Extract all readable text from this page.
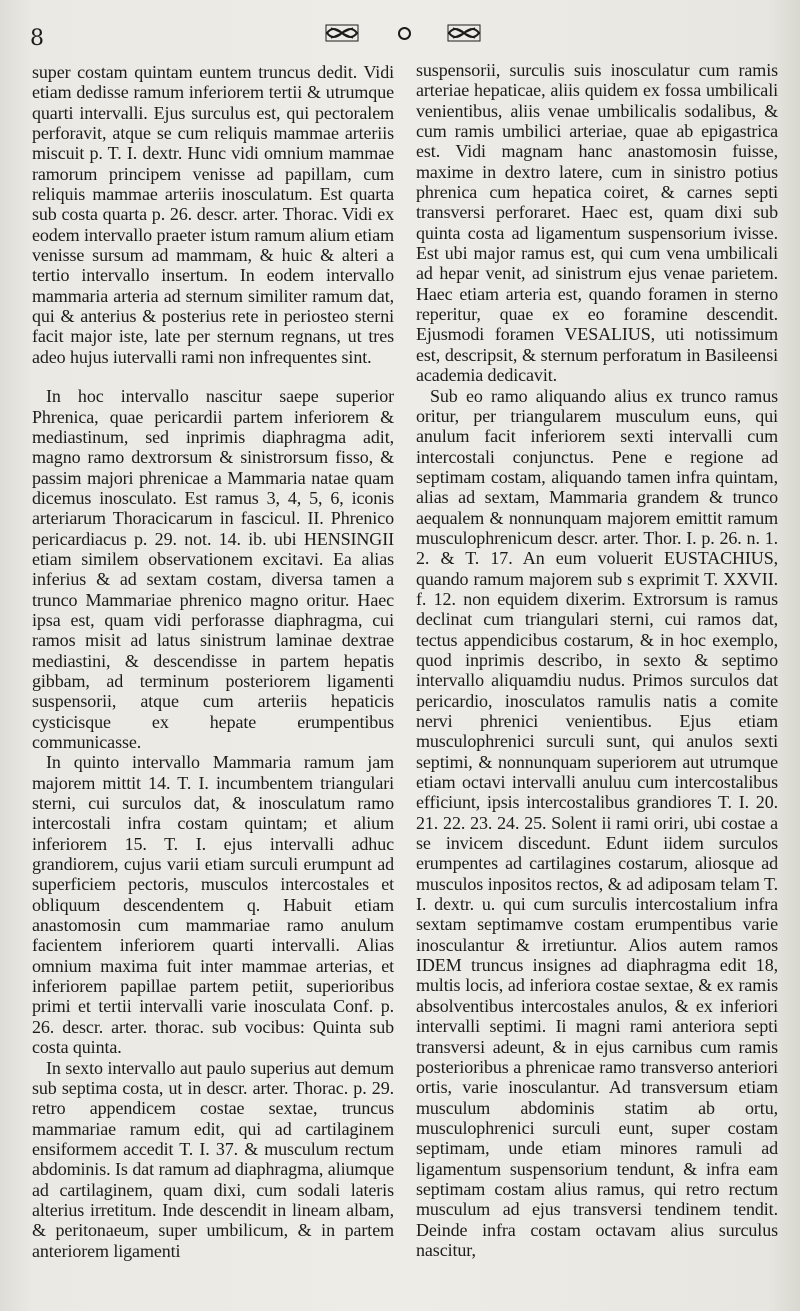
8

super costam quintam euntem truncus dedit. Vidi etiam dedisse ramum inferiorem tertii & utrumque quarti intervalli. Ejus surculus est, qui pectoralem perforavit, atque se cum reliquis mammae arteriis miscuit p. T. I. dextr. Hunc vidi omnium mammae ramorum principem venisse ad papillam, cum reliquis mammae arteriis inosculatum. Est quarta sub costa quarta p. 26. descr. arter. Thorac. Vidi ex eodem intervallo praeter istum ramum alium etiam venisse sursum ad mammam, & huic & alteri a tertio intervallo insertum. In eodem intervallo mammaria arteria ad sternum similiter ramum dat, qui & anterius & posterius rete in periosteo sterni facit major iste, late per sternum regnans, ut tres adeo hujus iutervalli rami non infrequentes sint.

In hoc intervallo nascitur saepe superior Phrenica, quae pericardii partem inferiorem & mediastinum, sed inprimis diaphragma adit, magno ramo dextrorsum & sinistrorsum fisso, & passim majori phrenicae a Mammaria natae quam dicemus inosculato. Est ramus 3, 4, 5, 6, iconis arteriarum Thoracicarum in fascicul. II. Phrenico pericardiacus p. 29. not. 14. ib. ubi HENSINGII etiam similem observationem excitavi. Ea alias inferius & ad sextam costam, diversa tamen a trunco Mammariae phrenico magno oritur. Haec ipsa est, quam vidi perforasse diaphragma, cui ramos misit ad latus sinistrum laminae dextrae mediastini, & descendisse in partem hepatis gibbam, ad terminum posteriorem ligamenti suspensorii, atque cum arteriis hepaticis cysticisque ex hepate erumpentibus communicasse.

In quinto intervallo Mammaria ramum jam majorem mittit 14. T. I. incumbentem triangulari sterni, cui surculos dat, & inosculatum ramo intercostali infra costam quintam; et alium inferiorem 15. T. I. ejus intervalli adhuc grandiorem, cujus varii etiam surculi erumpunt ad superficiem pectoris, musculos intercostales et obliquum descendentem q. Habuit etiam anastomosin cum mammariae ramo anulum facientem inferiorem quarti intervalli. Alias omnium maxima fuit inter mammae arterias, et inferiorem papillae partem petiit, superioribus primi et tertii intervalli varie inosculata Conf. p. 26. descr. arter. thorac. sub vocibus: Quinta sub costa quinta.

In sexto intervallo aut paulo superius aut demum sub septima costa, ut in descr. arter. Thorac. p. 29. retro appendicem costae sextae, truncus mammariae ramum edit, qui ad cartilaginem ensiformem accedit T. I. 37. & musculum rectum abdominis. Is dat ramum ad diaphragma, aliumque ad cartilaginem, quam dixi, cum sodali lateris alterius irretitum. Inde descendit in lineam albam, & peritonaeum, super umbilicum, & in partem anteriorem ligamenti

suspensorii, surculis suis inosculatur cum ramis arteriae hepaticae, aliis quidem ex fossa umbilicali venientibus, aliis venae umbilicalis sodalibus, & cum ramis umbilici arteriae, quae ab epigastrica est. Vidi magnam hanc anastomosin fuisse, maxime in dextro latere, cum in sinistro potius phrenica cum hepatica coiret, & carnes septi transversi perforaret. Haec est, quam dixi sub quinta costa ad ligamentum suspensorium ivisse. Est ubi major ramus est, qui cum vena umbilicali ad hepar venit, ad sinistrum ejus venae parietem. Haec etiam arteria est, quando foramen in sterno reperitur, quae ex eo foramine descendit. Ejusmodi foramen VESALIUS, uti notissimum est, descripsit, & sternum perforatum in Basileensi academia dedicavit.

Sub eo ramo aliquando alius ex trunco ramus oritur, per triangularem musculum euns, qui anulum facit inferiorem sexti intervalli cum intercostali conjunctus. Pene e regione ad septimam costam, aliquando tamen infra quintam, alias ad sextam, Mammaria grandem & trunco aequalem & nonnunquam majorem emittit ramum musculophrenicum descr. arter. Thor. I. p. 26. n. 1. 2. & T. 17. An eum voluerit EUSTACHIUS, quando ramum majorem sub s exprimit T. XXVII. f. 12. non equidem dixerim. Extrorsum is ramus declinat cum triangulari sterni, cui ramos dat, tectus appendicibus costarum, & in hoc exemplo, quod inprimis describo, in sexto & septimo intervallo aliquamdiu nudus. Primos surculos dat pericardio, inosculatos ramulis natis a comite nervi phrenici venientibus. Ejus etiam musculophrenici surculi sunt, qui anulos sexti septimi, & nonnunquam superiorem aut utrumque etiam octavi intervalli anuluu cum intercostalibus efficiunt, ipsis intercostalibus grandiores T. I. 20. 21. 22. 23. 24. 25. Solent ii rami oriri, ubi costae a se invicem discedunt. Edunt iidem surculos erumpentes ad cartilagines costarum, aliosque ad musculos inpositos rectos, & ad adiposam telam T. I. dextr. u. qui cum surculis intercostalium infra sextam septimamve costam erumpentibus varie inosculantur & irretiuntur. Alios autem ramos IDEM truncus insignes ad diaphragma edit 18, multis locis, ad inferiora costae sextae, & ex ramis absolventibus intercostales anulos, & ex inferiori intervalli septimi. Ii magni rami anteriora septi transversi adeunt, & in ejus carnibus cum ramis posterioribus a phrenicae ramo transverso anteriori ortis, varie inosculantur. Ad transversum etiam musculum abdominis statim ab ortu, musculophrenici surculi eunt, super costam septimam, unde etiam minores ramuli ad ligamentum suspensorium tendunt, & infra eam septimam costam alius ramus, qui retro rectum musculum ad ejus transversi tendinem tendit. Deinde infra costam octavam alius surculus nascitur,
